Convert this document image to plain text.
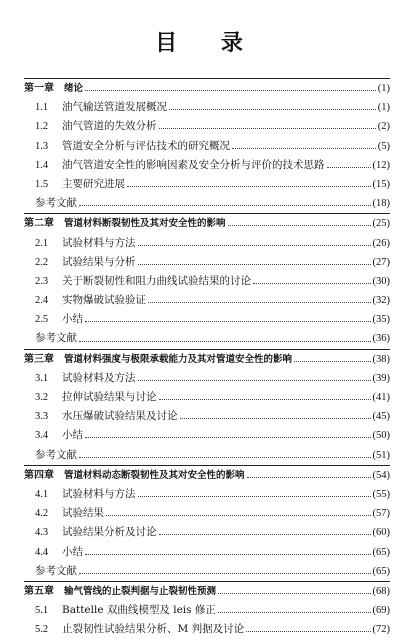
目 录
第一章	绪论	(1)
1.1	油气输送管道发展概况	(1)
1.2	油气管道的失效分析	(2)
1.3	管道安全分析与评估技术的研究概况	(5)
1.4	油气管道安全性的影响因素及安全分析与评价的技术思路	(12)
1.5	主要研究进展	(15)
参考文献	(18)
第二章	管道材料断裂韧性及其对安全性的影响	(25)
2.1	试验材料与方法	(26)
2.2	试验结果与分析	(27)
2.3	关于断裂韧性和阻力曲线试验结果的讨论	(30)
2.4	实物爆破试验验证	(32)
2.5	小结	(35)
参考文献	(36)
第三章	管道材料强度与极限承载能力及其对管道安全性的影响	(38)
3.1	试验材料及方法	(39)
3.2	拉伸试验结果与讨论	(41)
3.3	水压爆破试验结果及讨论	(45)
3.4	小结	(50)
参考文献	(51)
第四章	管道材料动态断裂韧性及其对安全性的影响	(54)
4.1	试验材料与方法	(55)
4.2	试验结果	(57)
4.3	试验结果分析及讨论	(60)
4.4	小结	(65)
参考文献	(65)
第五章	输气管线的止裂判据与止裂韧性预测	(68)
5.1	Battelle 双曲线模型及 leis 修正	(69)
5.2	止裂韧性试验结果分析、M 判据及讨论	(72)
